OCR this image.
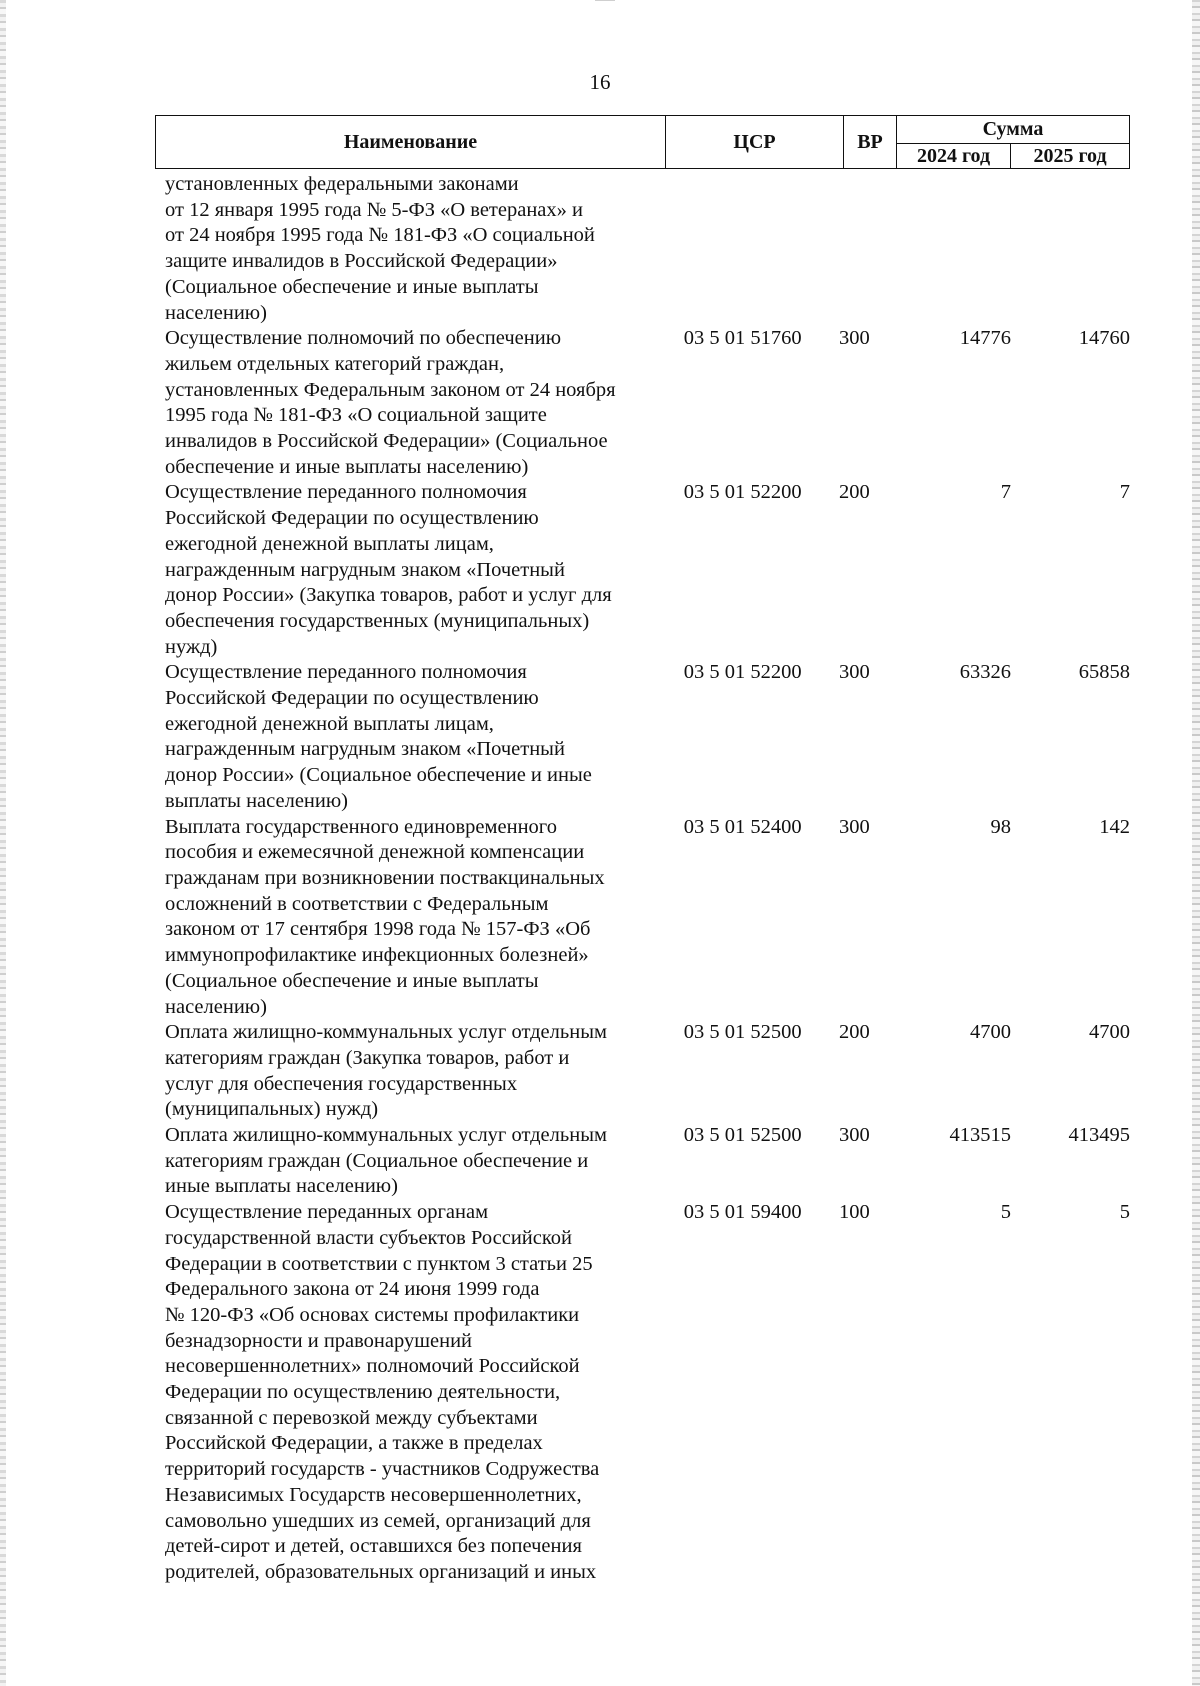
16
Наименование	ЦСР	ВР
Сумма
2024 год	2025 год
установленных федеральными законами
от 12 января 1995 года № 5-ФЗ «О ветеранах» и
от 24 ноября 1995 года № 181-ФЗ «О социальной
защите инвалидов в Российской Федерации»
(Социальное обеспечение и иные выплаты
населению)
Осуществление полномочий по обеспечению
жильем отдельных категорий граждан,
установленных Федеральным законом от 24 ноября
1995 года № 181-ФЗ «О социальной защите
инвалидов в Российской Федерации» (Социальное
обеспечение и иные выплаты населению)
03 5 01 51760	300	14776	14760
Осуществление переданного полномочия
Российской Федерации по осуществлению
ежегодной денежной выплаты лицам,
награжденным нагрудным знаком «Почетный
донор России» (Закупка товаров, работ и услуг для
обеспечения государственных (муниципальных)
нужд)
03 5 01 52200	200	7	7
Осуществление переданного полномочия
Российской Федерации по осуществлению
ежегодной денежной выплаты лицам,
награжденным нагрудным знаком «Почетный
донор России» (Социальное обеспечение и иные
выплаты населению)
03 5 01 52200	300	63326	65858
Выплата государственного единовременного
пособия и ежемесячной денежной компенсации
гражданам при возникновении поствакцинальных
осложнений в соответствии с Федеральным
законом от 17 сентября 1998 года № 157-ФЗ «Об
иммунопрофилактике инфекционных болезней»
(Социальное обеспечение и иные выплаты
населению)
03 5 01 52400	300	98	142
Оплата жилищно-коммунальных услуг отдельным
категориям граждан (Закупка товаров, работ и
услуг для обеспечения государственных
(муниципальных) нужд)
03 5 01 52500	200	4700	4700
Оплата жилищно-коммунальных услуг отдельным
категориям граждан (Социальное обеспечение и
иные выплаты населению)
03 5 01 52500	300	413515	413495
Осуществление переданных органам
государственной власти субъектов Российской
Федерации в соответствии с пунктом 3 статьи 25
Федерального закона от 24 июня 1999 года
№ 120-ФЗ «Об основах системы профилактики
безнадзорности и правонарушений
несовершеннолетних» полномочий Российской
Федерации по осуществлению деятельности,
связанной с перевозкой между субъектами
Российской Федерации, а также в пределах
территорий государств - участников Содружества
Независимых Государств несовершеннолетних,
самовольно ушедших из семей, организаций для
детей-сирот и детей, оставшихся без попечения
родителей, образовательных организаций и иных
03 5 01 59400	100	5	5
